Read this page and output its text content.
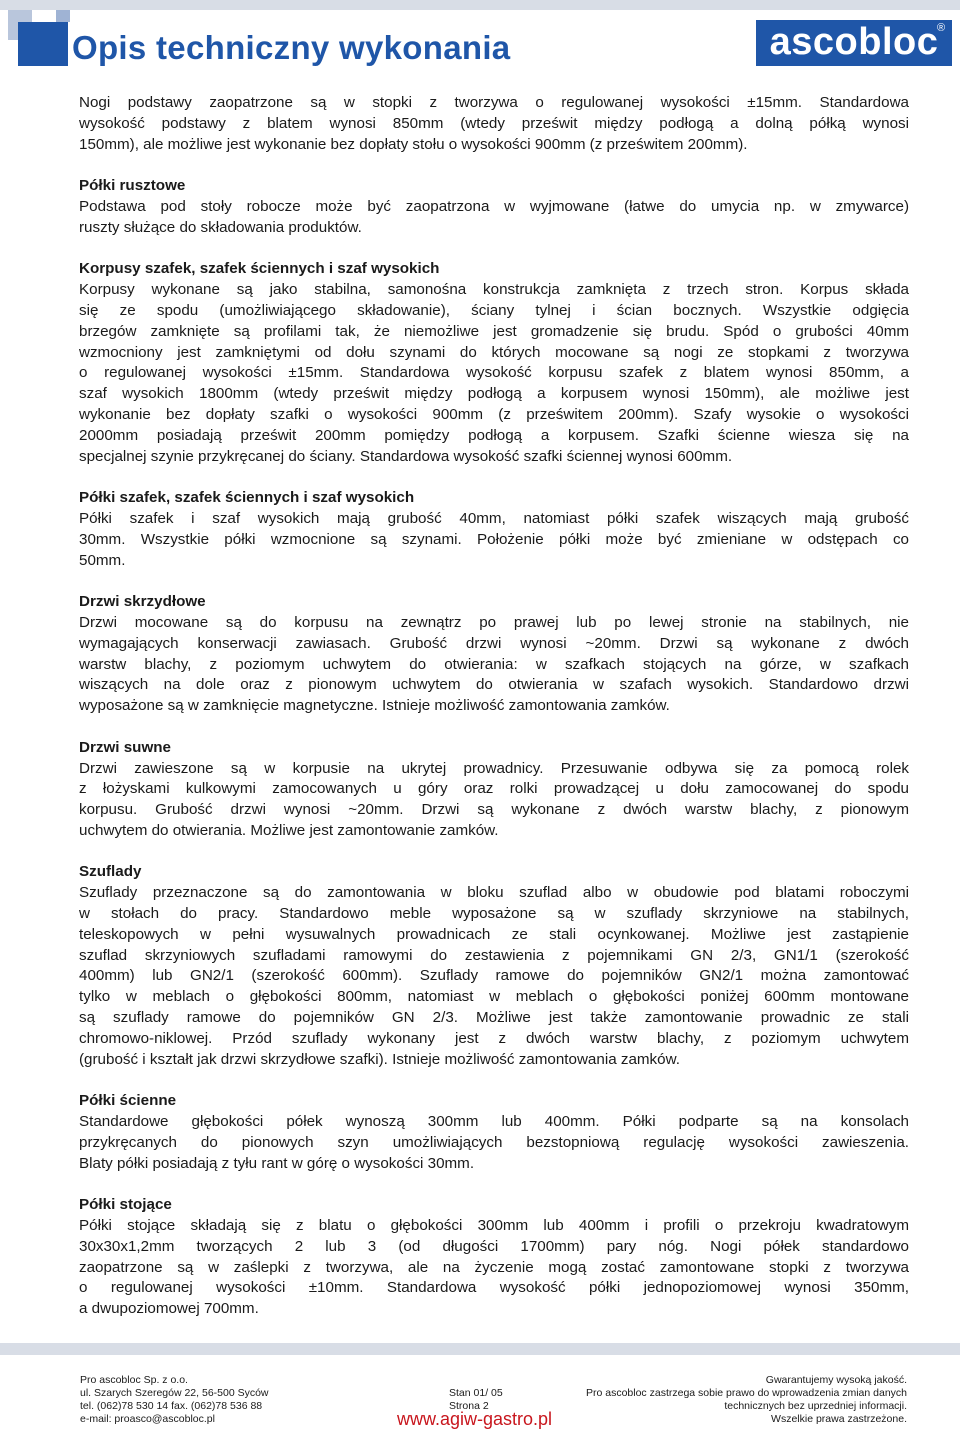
Opis techniczny wykonania	ascobloc
®
Nogi podstawy zaopatrzone są w stopki z tworzywa o regulowanej wysokości ±15mm. Standardowa
wysokość podstawy z blatem wynosi 850mm (wtedy prześwit między podłogą a dolną półką wynosi
150mm), ale możliwe jest wykonanie bez dopłaty stołu o wysokości 900mm (z prześwitem 200mm).
Półki rusztowe
Podstawa pod stoły robocze może być zaopatrzona w wyjmowane (łatwe do umycia np. w zmywarce)
ruszty służące do składowania produktów.
Korpusy szafek, szafek ściennych i szaf wysokich
Korpusy wykonane są jako stabilna, samonośna konstrukcja zamknięta z trzech stron. Korpus składa
się ze spodu (umożliwiającego składowanie), ściany tylnej i ścian bocznych. Wszystkie odgięcia
brzegów zamknięte są profilami tak, że niemożliwe jest gromadzenie się brudu. Spód o grubości 40mm
wzmocniony jest zamkniętymi od dołu szynami do których mocowane są nogi ze stopkami z tworzywa
o regulowanej wysokości ±15mm. Standardowa wysokość korpusu szafek z blatem wynosi 850mm, a
szaf wysokich 1800mm (wtedy prześwit między podłogą a korpusem wynosi 150mm), ale możliwe jest
wykonanie bez dopłaty szafki o wysokości 900mm (z prześwitem 200mm). Szafy wysokie o wysokości
2000mm posiadają prześwit 200mm pomiędzy podłogą a korpusem. Szafki ścienne wiesza się na
specjalnej szynie przykręcanej do ściany. Standardowa wysokość szafki ściennej wynosi 600mm.
Półki szafek, szafek ściennych i szaf wysokich
Półki szafek i szaf wysokich mają grubość 40mm, natomiast półki szafek wiszących mają grubość
30mm. Wszystkie półki wzmocnione są szynami. Położenie półki może być zmieniane w odstępach co
50mm.
Drzwi skrzydłowe
Drzwi mocowane są do korpusu na zewnątrz po prawej lub po lewej stronie na stabilnych, nie
wymagających konserwacji zawiasach. Grubość drzwi wynosi ~20mm. Drzwi są wykonane z dwóch
warstw blachy, z poziomym uchwytem do otwierania: w szafkach stojących na górze, w szafkach
wiszących na dole oraz z pionowym uchwytem do otwierania w szafach wysokich. Standardowo drzwi
wyposażone są w zamknięcie magnetyczne. Istnieje możliwość zamontowania zamków.
Drzwi suwne
Drzwi zawieszone są w korpusie na ukrytej prowadnicy. Przesuwanie odbywa się za pomocą rolek
z łożyskami kulkowymi zamocowanych u góry oraz rolki prowadzącej u dołu zamocowanej do spodu
korpusu. Grubość drzwi wynosi ~20mm. Drzwi są wykonane z dwóch warstw blachy, z pionowym
uchwytem do otwierania. Możliwe jest zamontowanie zamków.
Szuflady
Szuflady przeznaczone są do zamontowania w bloku szuflad albo w obudowie pod blatami roboczymi
w stołach do pracy. Standardowo meble wyposażone są w szuflady skrzyniowe na stabilnych,
teleskopowych w pełni wysuwalnych prowadnicach ze stali ocynkowanej. Możliwe jest zastąpienie
szuflad skrzyniowych szufladami ramowymi do zestawienia z pojemnikami GN 2/3, GN1/1 (szerokość
400mm) lub GN2/1 (szerokość 600mm). Szuflady ramowe do pojemników GN2/1 można zamontować
tylko w meblach o głębokości 800mm, natomiast w meblach o głębokości poniżej 600mm montowane
są szuflady ramowe do pojemników GN 2/3. Możliwe jest także zamontowanie prowadnic ze stali
chromowo-niklowej. Przód szuflady wykonany jest z dwóch warstw blachy, z poziomym uchwytem
(grubość i kształt jak drzwi skrzydłowe szafki). Istnieje możliwość zamontowania zamków.
Półki ścienne
Standardowe głębokości półek wynoszą 300mm lub 400mm. Półki podparte są na konsolach
przykręcanych do pionowych szyn umożliwiających bezstopniową regulację wysokości zawieszenia.
Blaty półki posiadają z tyłu rant w górę o wysokości 30mm.
Półki stojące
Półki stojące składają się z blatu o głębokości 300mm lub 400mm i profili o przekroju kwadratowym
30x30x1,2mm tworzących 2 lub 3 (od długości 1700mm) pary nóg. Nogi półek standardowo
zaopatrzone są w zaślepki z tworzywa, ale na życzenie mogą zostać zamontowane stopki z tworzywa
o regulowanej wysokości ±10mm. Standardowa wysokość półki jednopoziomowej wynosi 350mm,
a dwupoziomowej 700mm.
Pro ascobloc Sp. z o.o.
ul. Szarych Szeregów 22, 56-500 Syców
tel. (062)78 530 14 fax. (062)78 536 88
e-mail: proasco@ascobloc.pl
Stan 01/ 05
Strona 2
Gwarantujemy wysoką jakość.
Pro ascobloc zastrzega sobie prawo do wprowadzenia zmian danych
technicznych bez uprzedniej informacji.
Wszelkie prawa zastrzeżone.
www.agiw-gastro.pl
